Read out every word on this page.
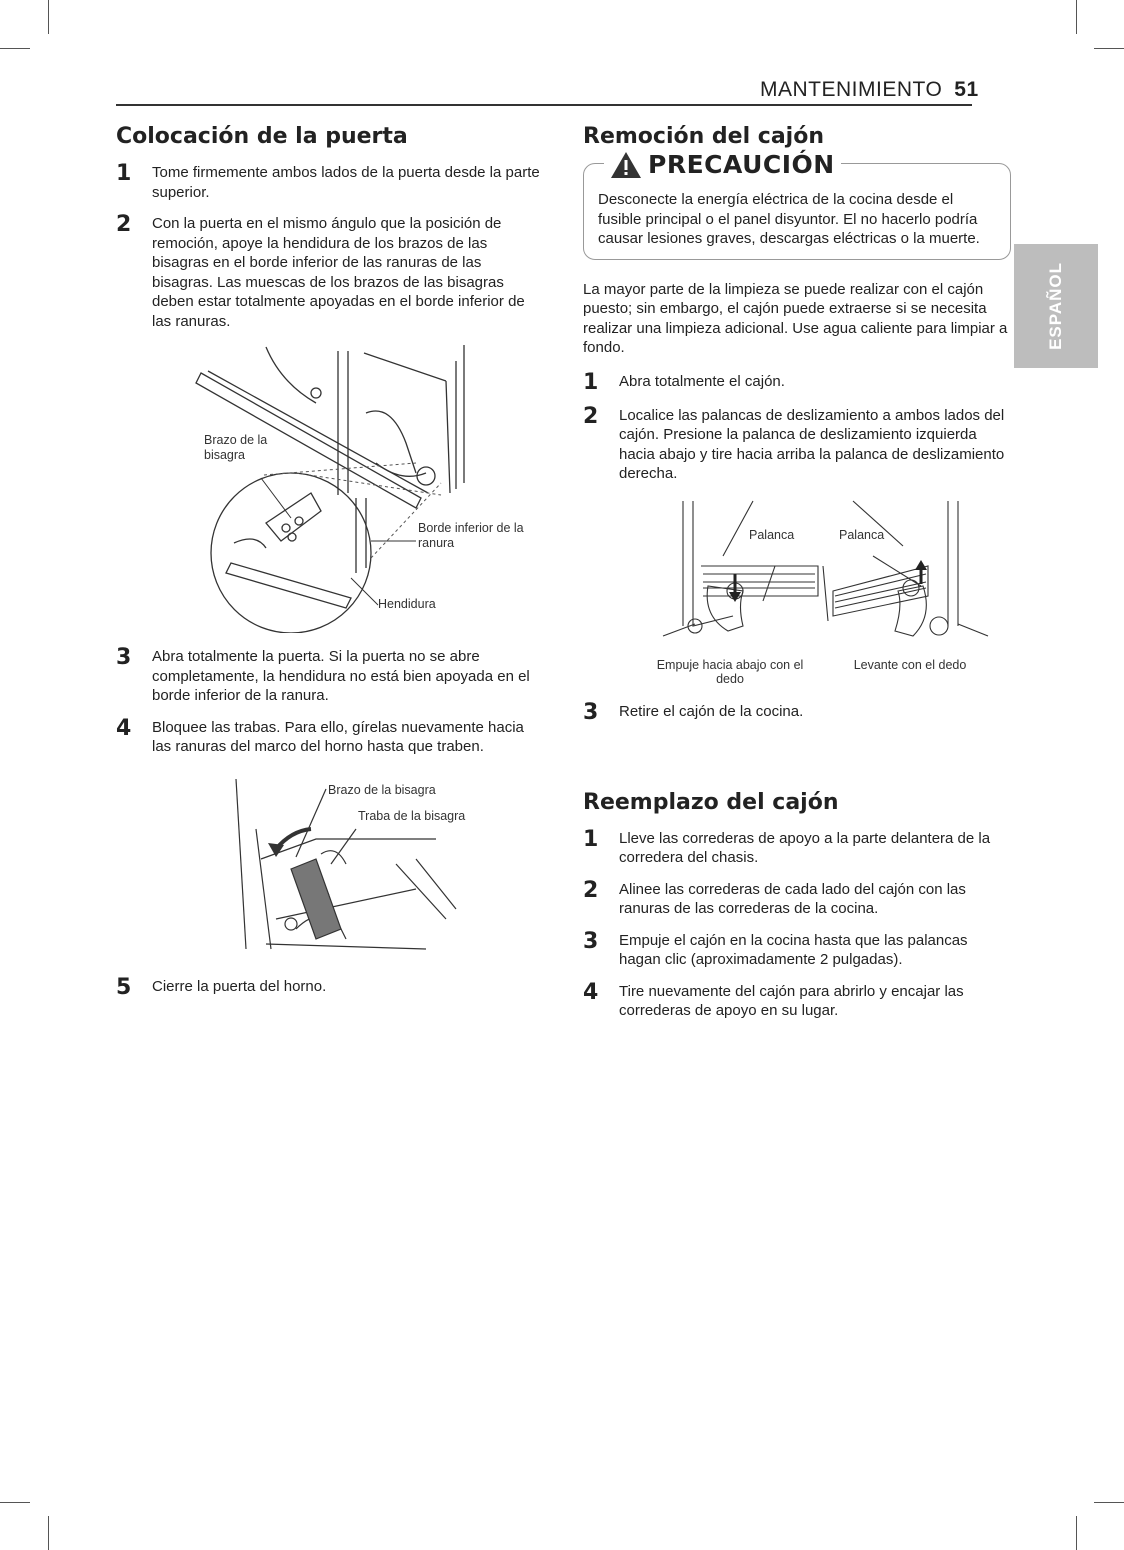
MANTENIMIENTO 51
ESPAÑOL
Colocación de la puerta
1	Tome firmemente ambos lados de la puerta desde la parte superior.
2	Con la puerta en el mismo ángulo que la posición de remoción, apoye la hendidura de los brazos de las bisagras en el borde inferior de las ranuras de las bisagras. Las muescas de los brazos de las bisagras deben estar totalmente apoyadas en el borde inferior de las ranuras.
Brazo de la bisagra
Borde inferior de la ranura
Hendidura
3	Abra totalmente la puerta. Si la puerta no se abre completamente, la hendidura no está bien apoyada en el borde inferior de la ranura.
4	Bloquee las trabas. Para ello, gírelas nuevamente hacia las ranuras del marco del horno hasta que traben.
Brazo de la bisagra
Traba de la bisagra
5	Cierre la puerta del horno.
Remoción del cajón
PRECAUCIÓN
Desconecte la energía eléctrica de la cocina desde el fusible principal o el panel disyuntor. El no hacerlo podría causar lesiones graves, descargas eléctricas o la muerte.
La mayor parte de la limpieza se puede realizar con el cajón puesto; sin embargo, el cajón puede extraerse si se necesita realizar una limpieza adicional. Use agua caliente para limpiar a fondo.
1	Abra totalmente el cajón.
2	Localice las palancas de deslizamiento a ambos lados del cajón. Presione la palanca de deslizamiento izquierda hacia abajo y tire hacia arriba la palanca de deslizamiento derecha.
Palanca	Palanca
Empuje hacia abajo con el dedo
Levante con el dedo
3	Retire el cajón de la cocina.
Reemplazo del cajón
1	Lleve las correderas de apoyo a la parte delantera de la corredera del chasis.
2	Alinee las correderas de cada lado del cajón con las ranuras de las correderas de la cocina.
3	Empuje el cajón en la cocina hasta que las palancas hagan clic (aproximadamente 2 pulgadas).
4	Tire nuevamente del cajón para abrirlo y encajar las correderas de apoyo en su lugar.
